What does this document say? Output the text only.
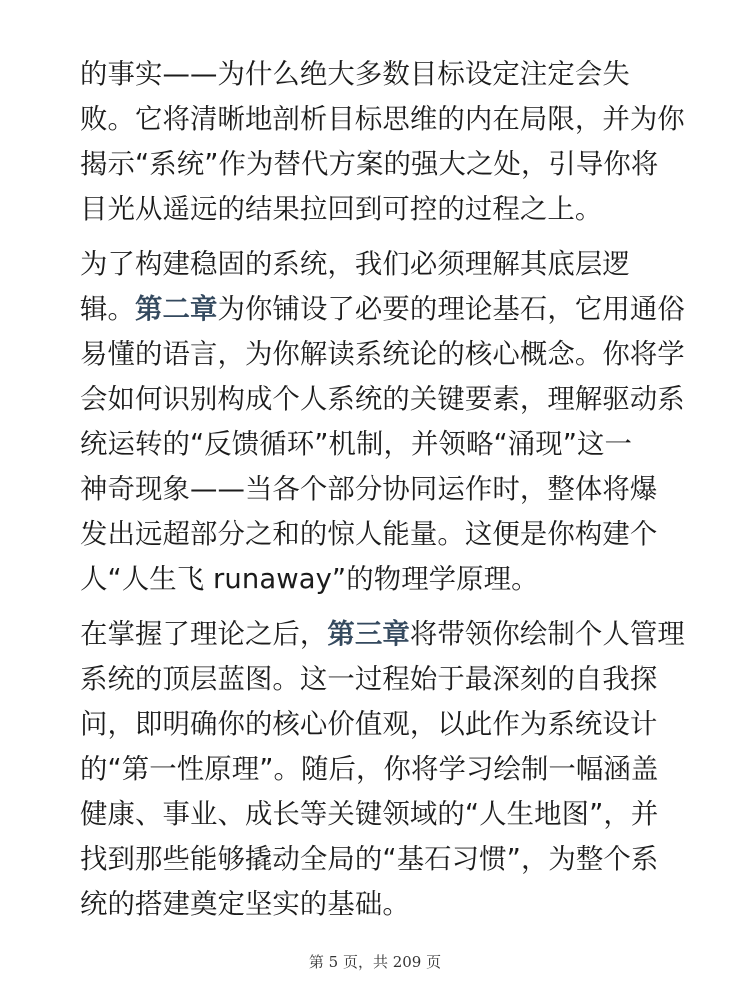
的事实——为什么绝大多数目标设定注定会失
败。它将清晰地剖析目标思维的内在局限，并为你
揭示“系统”作为替代方案的强大之处，引导你将
目光从遥远的结果拉回到可控的过程之上。

为了构建稳固的系统，我们必须理解其底层逻
辑。第二章为你铺设了必要的理论基石，它用通俗
易懂的语言，为你解读系统论的核心概念。你将学
会如何识别构成个人系统的关键要素，理解驱动系
统运转的“反馈循环”机制，并领略“涌现”这一
神奇现象——当各个部分协同运作时，整体将爆
发出远超部分之和的惊人能量。这便是你构建个
人“人生飞 runaway”的物理学原理。

在掌握了理论之后，第三章将带领你绘制个人管理
系统的顶层蓝图。这一过程始于最深刻的自我探
问，即明确你的核心价值观，以此作为系统设计
的“第一性原理”。随后，你将学习绘制一幅涵盖
健康、事业、成长等关键领域的“人生地图”，并
找到那些能够撬动全局的“基石习惯”，为整个系
统的搭建奠定坚实的基础。

第 5 页，共 209 页
